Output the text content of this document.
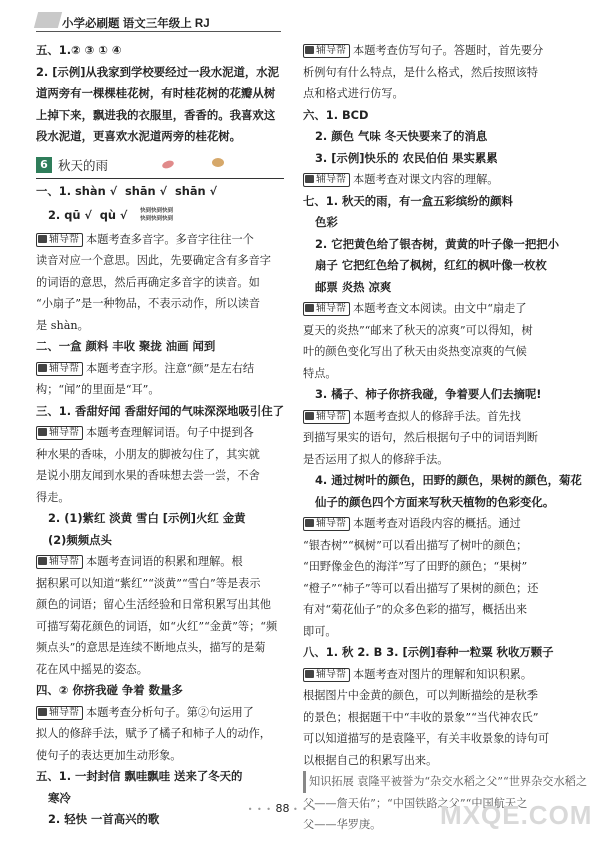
小学必刷题 语文三年级上 RJ
五、1.② ③ ① ④
2. [示例]从我家到学校要经过一段水泥道，水泥
道两旁有一棵棵桂花树，有时桂花树的花瓣从树
上掉下来，飘进我的衣服里，香香的。我喜欢这
段水泥道，更喜欢水泥道两旁的桂花树。
6 秋天的雨
一、1. shàn √ shān √ shān √
2. qū √ qù √ 快到快到快到
快到快到快到
辅导帮 本题考查多音字。多音字往往一个
读音对应一个意思。因此，先要确定含有多音字
的词语的意思，然后再确定多音字的读音。如
“小扇子”是一种物品，不表示动作，所以读音
是 shàn。
二、一盒 颜料 丰收 聚拢 油画 闻到
辅导帮 本题考查字形。注意“颜”是左右结
构；“闻”的里面是“耳”。
三、1. 香甜好闻 香甜好闻的气味深深地吸引住了
辅导帮 本题考查理解词语。句子中提到各
种水果的香味，小朋友的脚被勾住了，其实就
是说小朋友闻到水果的香味想去尝一尝，不舍
得走。
2. (1)紫红 淡黄 雪白 [示例]火红 金黄
(2)频频点头
辅导帮 本题考查词语的积累和理解。根
据积累可以知道“紫红”“淡黄”“雪白”等是表示
颜色的词语；留心生活经验和日常积累写出其他
可描写菊花颜色的词语，如“火红”“金黄”等；“频
频点头”的意思是连续不断地点头，描写的是菊
花在风中摇晃的姿态。
四、② 你挤我碰 争着 数量多
辅导帮 本题考查分析句子。第②句运用了
拟人的修辞手法，赋予了橘子和柿子人的动作，
使句子的表达更加生动形象。
五、1. 一封封信 飘哇飘哇 送来了冬天的
寒冷
2. 轻快 一首高兴的歌
辅导帮 本题考查仿写句子。答题时，首先要分
析例句有什么特点，是什么格式，然后按照该特
点和格式进行仿写。
六、1. BCD
2. 颜色 气味 冬天快要来了的消息
3. [示例]快乐的 农民伯伯 果实累累
辅导帮 本题考查对课文内容的理解。
七、1. 秋天的雨，有一盒五彩缤纷的颜料
色彩
2. 它把黄色给了银杏树，黄黄的叶子像一把把小
扇子 它把红色给了枫树，红红的枫叶像一枚枚
邮票 炎热 凉爽
辅导帮 本题考查文本阅读。由文中“扇走了
夏天的炎热”“邮来了秋天的凉爽”可以得知，树
叶的颜色变化写出了秋天由炎热变凉爽的气候
特点。
3. 橘子、柿子你挤我碰，争着要人们去摘呢!
辅导帮 本题考查拟人的修辞手法。首先找
到描写果实的语句，然后根据句子中的词语判断
是否运用了拟人的修辞手法。
4. 通过树叶的颜色，田野的颜色，果树的颜色，菊花
仙子的颜色四个方面来写秋天植物的色彩变化。
辅导帮 本题考查对语段内容的概括。通过
“银杏树”“枫树”可以看出描写了树叶的颜色；
“田野像金色的海洋”写了田野的颜色；“果树”
“橙子”“柿子”等可以看出描写了果树的颜色；还
有对“菊花仙子”的众多色彩的描写，概括出来
即可。
八、1. 秋 2. B 3. [示例]春种一粒粟 秋收万颗子
辅导帮 本题考查对图片的理解和知识积累。
根据图片中金黄的颜色，可以判断描绘的是秋季
的景色；根据题干中“丰收的景象”“当代神农氏”
可以知道描写的是袁隆平，有关丰收景象的诗句可
以根据自己的积累写出来。
知识拓展 袁隆平被誉为“杂交水稻之父”“世界杂交水稻之
父——詹天佑”；“中国铁路之父”“中国航天之
父——华罗庚。
• • • 88 • • •	MXQE.COM
